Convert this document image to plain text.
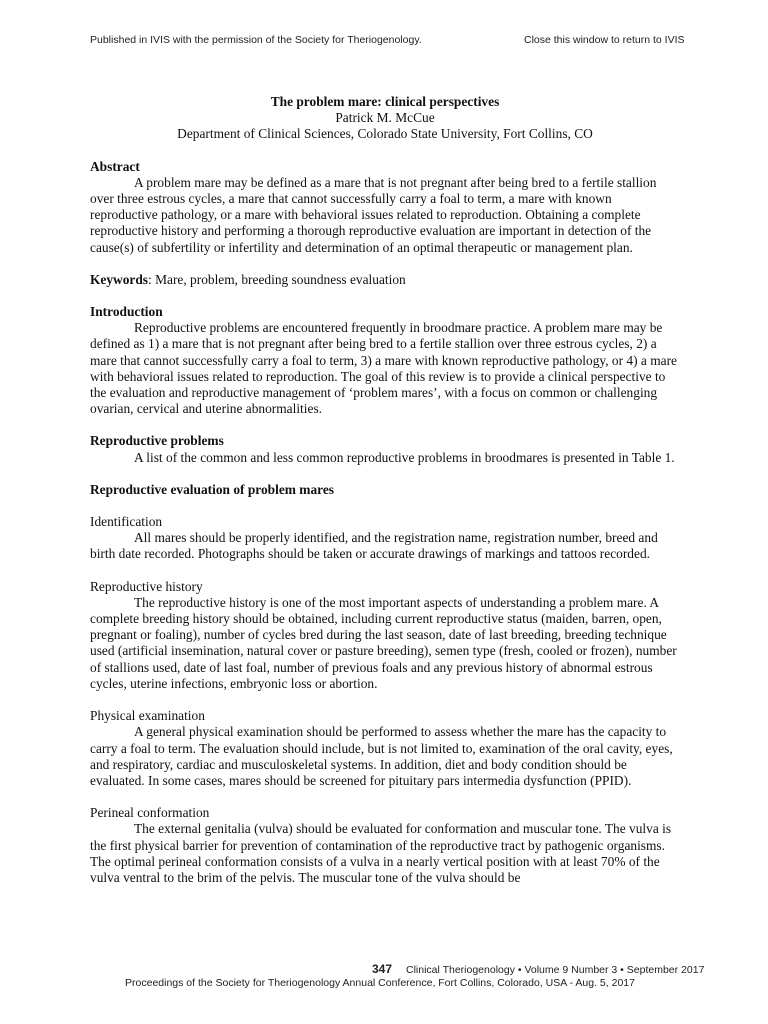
Published in IVIS with the permission of the Society for Theriogenology.	Close this window to return to IVIS
The problem mare: clinical perspectives
Patrick M. McCue
Department of Clinical Sciences, Colorado State University, Fort Collins, CO
Abstract

A problem mare may be defined as a mare that is not pregnant after being bred to a fertile stallion over three estrous cycles, a mare that cannot successfully carry a foal to term, a mare with known reproductive pathology, or a mare with behavioral issues related to reproduction. Obtaining a complete reproductive history and performing a thorough reproductive evaluation are important in detection of the cause(s) of subfertility or infertility and determination of an optimal therapeutic or management plan.

Keywords: Mare, problem, breeding soundness evaluation

Introduction

Reproductive problems are encountered frequently in broodmare practice. A problem mare may be defined as 1) a mare that is not pregnant after being bred to a fertile stallion over three estrous cycles, 2) a mare that cannot successfully carry a foal to term, 3) a mare with known reproductive pathology, or 4) a mare with behavioral issues related to reproduction. The goal of this review is to provide a clinical perspective to the evaluation and reproductive management of ‘problem mares’, with a focus on common or challenging ovarian, cervical and uterine abnormalities.

Reproductive problems

A list of the common and less common reproductive problems in broodmares is presented in Table 1.

Reproductive evaluation of problem mares
Identification

All mares should be properly identified, and the registration name, registration number, breed and birth date recorded. Photographs should be taken or accurate drawings of markings and tattoos recorded.

Reproductive history

The reproductive history is one of the most important aspects of understanding a problem mare. A complete breeding history should be obtained, including current reproductive status (maiden, barren, open, pregnant or foaling), number of cycles bred during the last season, date of last breeding, breeding technique used (artificial insemination, natural cover or pasture breeding), semen type (fresh, cooled or frozen), number of stallions used, date of last foal, number of previous foals and any previous history of abnormal estrous cycles, uterine infections, embryonic loss or abortion.

Physical examination

A general physical examination should be performed to assess whether the mare has the capacity to carry a foal to term. The evaluation should include, but is not limited to, examination of the oral cavity, eyes, and respiratory, cardiac and musculoskeletal systems. In addition, diet and body condition should be evaluated. In some cases, mares should be screened for pituitary pars intermedia dysfunction (PPID).

Perineal conformation

The external genitalia (vulva) should be evaluated for conformation and muscular tone. The vulva is the first physical barrier for prevention of contamination of the reproductive tract by pathogenic organisms. The optimal perineal conformation consists of a vulva in a nearly vertical position with at least 70% of the vulva ventral to the brim of the pelvis. The muscular tone of the vulva should be

347 Clinical Theriogenology • Volume 9 Number 3 • September 2017
Proceedings of the Society for Theriogenology Annual Conference, Fort Collins, Colorado, USA - Aug. 5, 2017
